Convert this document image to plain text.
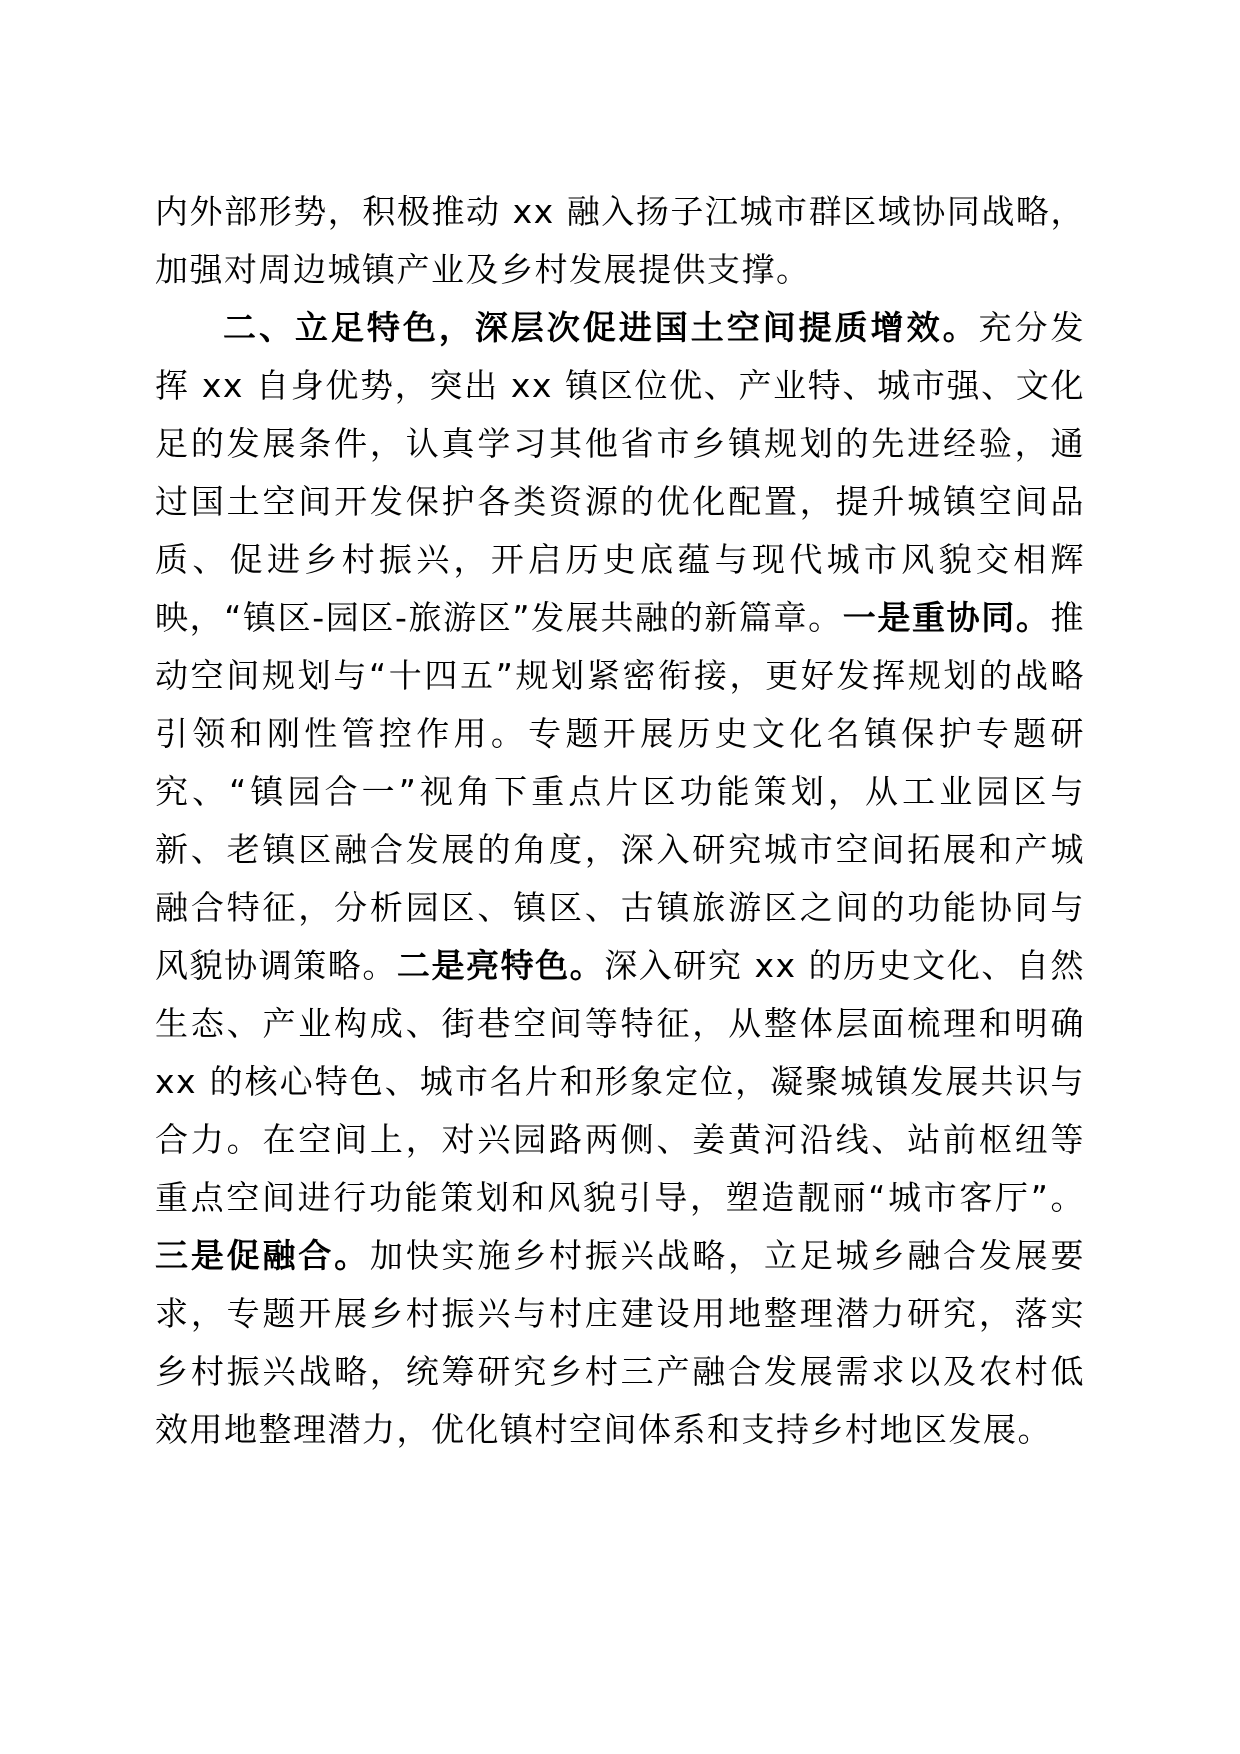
内外部形势，积极推动 xx 融入扬子江城市群区域协同战略，加强对周边城镇产业及乡村发展提供支撑。

二、立足特色，深层次促进国土空间提质增效。充分发挥 xx 自身优势，突出 xx 镇区位优、产业特、城市强、文化足的发展条件，认真学习其他省市乡镇规划的先进经验，通过国土空间开发保护各类资源的优化配置，提升城镇空间品质、促进乡村振兴，开启历史底蕴与现代城市风貌交相辉映，“镇区-园区-旅游区”发展共融的新篇章。一是重协同。推动空间规划与“十四五”规划紧密衔接，更好发挥规划的战略引领和刚性管控作用。专题开展历史文化名镇保护专题研究、“镇园合一”视角下重点片区功能策划，从工业园区与新、老镇区融合发展的角度，深入研究城市空间拓展和产城融合特征，分析园区、镇区、古镇旅游区之间的功能协同与风貌协调策略。二是亮特色。深入研究 xx 的历史文化、自然生态、产业构成、街巷空间等特征，从整体层面梳理和明确 xx 的核心特色、城市名片和形象定位，凝聚城镇发展共识与合力。在空间上，对兴园路两侧、姜黄河沿线、站前枢纽等重点空间进行功能策划和风貌引导，塑造靓丽“城市客厅”。三是促融合。加快实施乡村振兴战略，立足城乡融合发展要求，专题开展乡村振兴与村庄建设用地整理潜力研究，落实乡村振兴战略，统筹研究乡村三产融合发展需求以及农村低效用地整理潜力，优化镇村空间体系和支持乡村地区发展。
